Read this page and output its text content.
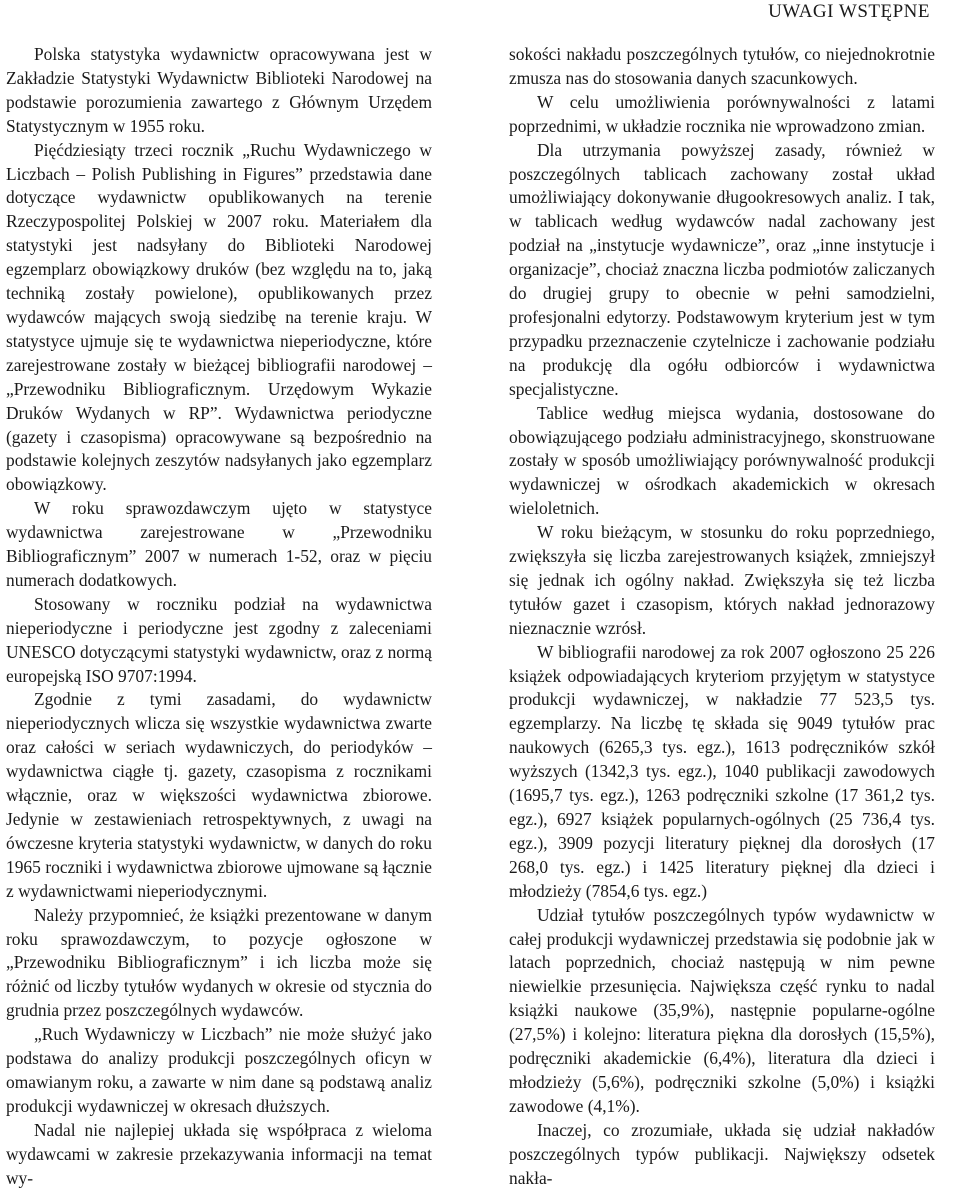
UWAGI WSTĘPNE

Polska statystyka wydawnictw opracowywana jest w Zakładzie Statystyki Wydawnictw Biblioteki Narodowej na podstawie porozumienia zawartego z Głównym Urzędem Statystycznym w 1955 roku.

Pięćdziesiąty trzeci rocznik „Ruchu Wydawniczego w Liczbach – Polish Publishing in Figures” przedstawia dane dotyczące wydawnictw opublikowanych na terenie Rzeczypospolitej Polskiej w 2007 roku. Materiałem dla statystyki jest nadsyłany do Biblioteki Narodowej egzemplarz obowiązkowy druków (bez względu na to, jaką techniką zostały powielone), opublikowanych przez wydawców mających swoją siedzibę na terenie kraju. W statystyce ujmuje się te wydawnictwa nieperiodyczne, które zarejestrowane zostały w bieżącej bibliografii narodowej – „Przewodniku Bibliograficznym. Urzędowym Wykazie Druków Wydanych w RP”. Wydawnictwa periodyczne (gazety i czasopisma) opracowywane są bezpośrednio na podstawie kolejnych zeszytów nadsyłanych jako egzemplarz obowiązkowy.

W roku sprawozdawczym ujęto w statystyce wydawnictwa zarejestrowane w „Przewodniku Bibliograficznym” 2007 w numerach 1-52, oraz w pięciu numerach dodatkowych.

Stosowany w roczniku podział na wydawnictwa nieperiodyczne i periodyczne jest zgodny z zaleceniami UNESCO dotyczącymi statystyki wydawnictw, oraz z normą europejską ISO 9707:1994.

Zgodnie z tymi zasadami, do wydawnictw nieperiodycznych wlicza się wszystkie wydawnictwa zwarte oraz całości w seriach wydawniczych, do periodyków – wydawnictwa ciągłe tj. gazety, czasopisma z rocznikami włącznie, oraz w większości wydawnictwa zbiorowe. Jedynie w zestawieniach retrospektywnych, z uwagi na ówczesne kryteria statystyki wydawnictw, w danych do roku 1965 roczniki i wydawnictwa zbiorowe ujmowane są łącznie z wydawnictwami nieperiodycznymi.

Należy przypomnieć, że książki prezentowane w danym roku sprawozdawczym, to pozycje ogłoszone w „Przewodniku Bibliograficznym” i ich liczba może się różnić od liczby tytułów wydanych w okresie od stycznia do grudnia przez poszczególnych wydawców.

„Ruch Wydawniczy w Liczbach” nie może służyć jako podstawa do analizy produkcji poszczególnych oficyn w omawianym roku, a zawarte w nim dane są podstawą analiz produkcji wydawniczej w okresach dłuższych.

Nadal nie najlepiej układa się współpraca z wieloma wydawcami w zakresie przekazywania informacji na temat wy-

sokości nakładu poszczególnych tytułów, co niejednokrotnie zmusza nas do stosowania danych szacunkowych.

W celu umożliwienia porównywalności z latami poprzednimi, w układzie rocznika nie wprowadzono zmian.

Dla utrzymania powyższej zasady, również w poszczególnych tablicach zachowany został układ umożliwiający dokonywanie długookresowych analiz. I tak, w tablicach według wydawców nadal zachowany jest podział na „instytucje wydawnicze”, oraz „inne instytucje i organizacje”, chociaż znaczna liczba podmiotów zaliczanych do drugiej grupy to obecnie w pełni samodzielni, profesjonalni edytorzy. Podstawowym kryterium jest w tym przypadku przeznaczenie czytelnicze i zachowanie podziału na produkcję dla ogółu odbiorców i wydawnictwa specjalistyczne.

Tablice według miejsca wydania, dostosowane do obowiązującego podziału administracyjnego, skonstruowane zostały w sposób umożliwiający porównywalność produkcji wydawniczej w ośrodkach akademickich w okresach wieloletnich.

W roku bieżącym, w stosunku do roku poprzedniego, zwiększyła się liczba zarejestrowanych książek, zmniejszył się jednak ich ogólny nakład. Zwiększyła się też liczba tytułów gazet i czasopism, których nakład jednorazowy nieznacznie wzrósł.

W bibliografii narodowej za rok 2007 ogłoszono 25 226 książek odpowiadających kryteriom przyjętym w statystyce produkcji wydawniczej, w nakładzie 77 523,5 tys. egzemplarzy. Na liczbę tę składa się 9049 tytułów prac naukowych (6265,3 tys. egz.), 1613 podręczników szkół wyższych (1342,3 tys. egz.), 1040 publikacji zawodowych (1695,7 tys. egz.), 1263 podręczniki szkolne (17 361,2 tys. egz.), 6927 książek popularnych-ogólnych (25 736,4 tys. egz.), 3909 pozycji literatury pięknej dla dorosłych (17 268,0 tys. egz.) i 1425 literatury pięknej dla dzieci i młodzieży (7854,6 tys. egz.)

Udział tytułów poszczególnych typów wydawnictw w całej produkcji wydawniczej przedstawia się podobnie jak w latach poprzednich, chociaż następują w nim pewne niewielkie przesunięcia. Największa część rynku to nadal książki naukowe (35,9%), następnie popularne-ogólne (27,5%) i kolejno: literatura piękna dla dorosłych (15,5%), podręczniki akademickie (6,4%), literatura dla dzieci i młodzieży (5,6%), podręczniki szkolne (5,0%) i książki zawodowe (4,1%).

Inaczej, co zrozumiałe, układa się udział nakładów poszczególnych typów publikacji. Największy odsetek nakła-
